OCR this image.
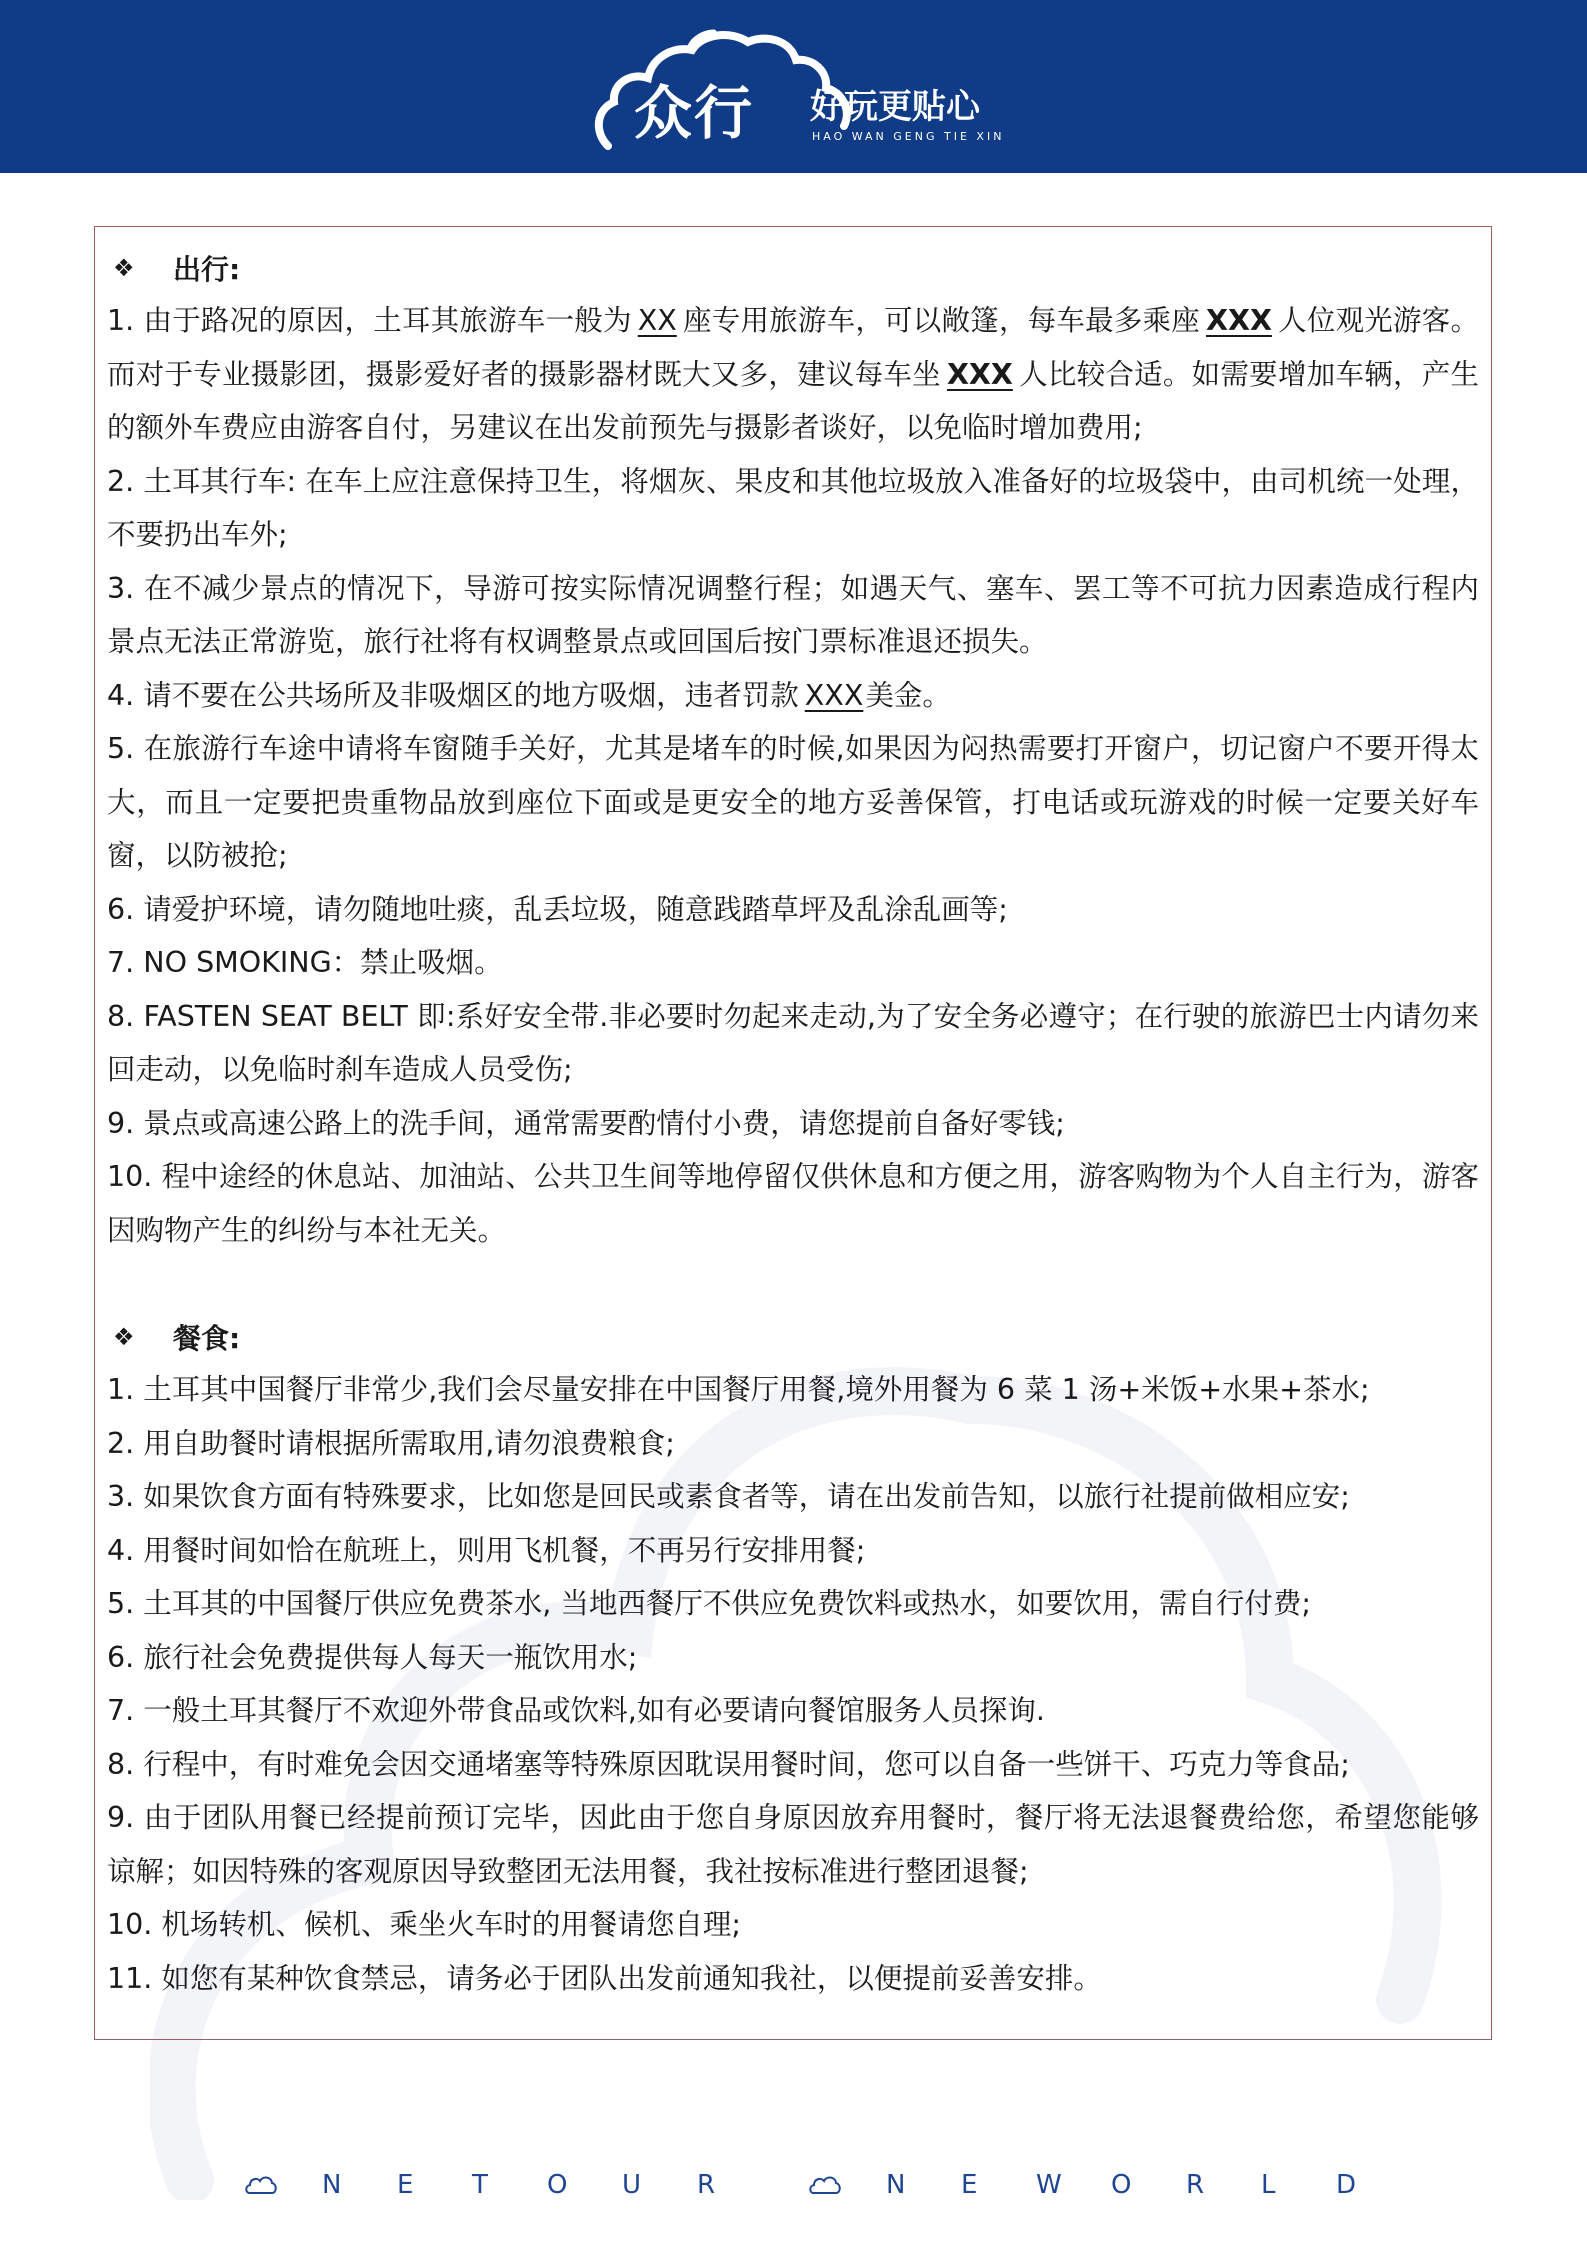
众行 好玩更贴心
HAO WAN GENG TIE XIN
❖	出行:
1. 由于路况的原因，土耳其旅游车一般为 XX 座专用旅游车，可以敞篷，每车最多乘座 XXX 人位观光游客。而对于专业摄影团，摄影爱好者的摄影器材既大又多，建议每车坐 XXX 人比较合适。如需要增加车辆，产生的额外车费应由游客自付，另建议在出发前预先与摄影者谈好，以免临时增加费用;
2. 土耳其行车: 在车上应注意保持卫生，将烟灰、果皮和其他垃圾放入准备好的垃圾袋中，由司机统一处理，不要扔出车外;
3. 在不减少景点的情况下，导游可按实际情况调整行程；如遇天气、塞车、罢工等不可抗力因素造成行程内景点无法正常游览，旅行社将有权调整景点或回国后按门票标准退还损失。
4. 请不要在公共场所及非吸烟区的地方吸烟，违者罚款 XXX美金。
5. 在旅游行车途中请将车窗随手关好，尤其是堵车的时候,如果因为闷热需要打开窗户，切记窗户不要开得太大，而且一定要把贵重物品放到座位下面或是更安全的地方妥善保管，打电话或玩游戏的时候一定要关好车窗，以防被抢;
6. 请爱护环境，请勿随地吐痰，乱丢垃圾，随意践踏草坪及乱涂乱画等;
7. NO SMOKING：禁止吸烟。
8. FASTEN SEAT BELT 即:系好安全带.非必要时勿起来走动,为了安全务必遵守；在行驶的旅游巴士内请勿来回走动，以免临时刹车造成人员受伤;
9. 景点或高速公路上的洗手间，通常需要酌情付小费，请您提前自备好零钱;
10. 程中途经的休息站、加油站、公共卫生间等地停留仅供休息和方便之用，游客购物为个人自主行为，游客因购物产生的纠纷与本社无关。
❖	餐食:
1. 土耳其中国餐厅非常少,我们会尽量安排在中国餐厅用餐,境外用餐为 6 菜 1 汤+米饭+水果+茶水;
2. 用自助餐时请根据所需取用,请勿浪费粮食;
3. 如果饮食方面有特殊要求，比如您是回民或素食者等，请在出发前告知，以旅行社提前做相应安;
4. 用餐时间如恰在航班上，则用飞机餐，不再另行安排用餐;
5. 土耳其的中国餐厅供应免费茶水, 当地西餐厅不供应免费饮料或热水，如要饮用，需自行付费;
6. 旅行社会免费提供每人每天一瓶饮用水;
7. 一般土耳其餐厅不欢迎外带食品或饮料,如有必要请向餐馆服务人员探询.
8. 行程中，有时难免会因交通堵塞等特殊原因耽误用餐时间，您可以自备一些饼干、巧克力等食品;
9. 由于团队用餐已经提前预订完毕，因此由于您自身原因放弃用餐时，餐厅将无法退餐费给您，希望您能够谅解；如因特殊的客观原因导致整团无法用餐，我社按标准进行整团退餐;
10. 机场转机、候机、乘坐火车时的用餐请您自理;
11. 如您有某种饮食禁忌，请务必于团队出发前通知我社，以便提前妥善安排。
N	E	T	O	U	R	N	E	W	O	R	L	D
